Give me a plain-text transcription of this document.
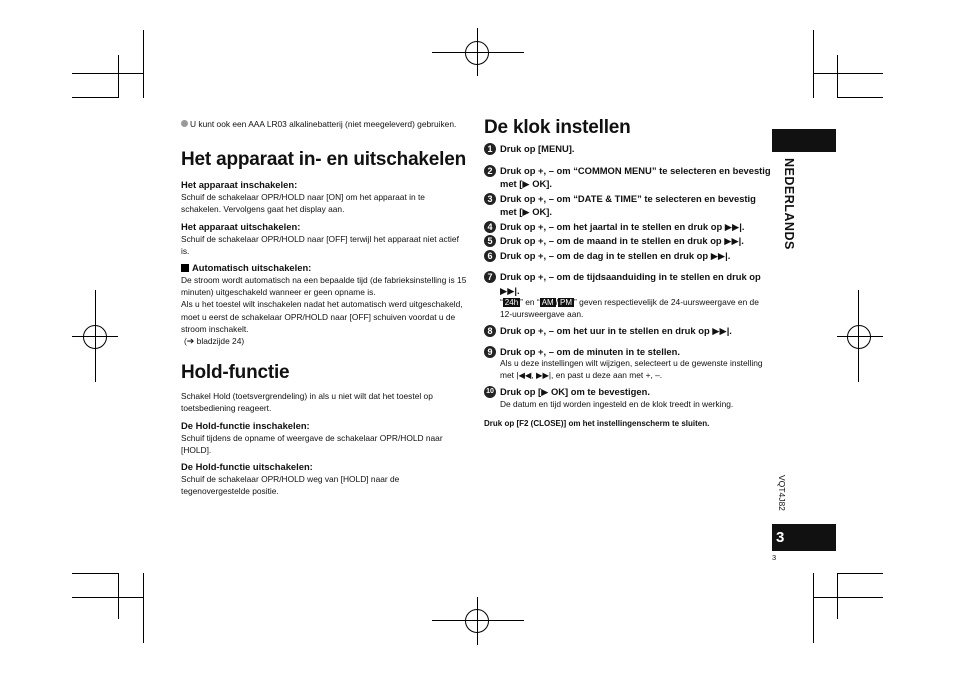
U kunt ook een AAA LR03 alkalinebatterij (niet meegeleverd) gebruiken.
Het apparaat in- en uitschakelen
Het apparaat inschakelen:

Schuif de schakelaar OPR/HOLD naar [ON] om het apparaat in te schakelen. Vervolgens gaat het display aan.

Het apparaat uitschakelen:

Schuif de schakelaar OPR/HOLD naar [OFF] terwijl het apparaat niet actief is.

Automatisch uitschakelen:

De stroom wordt automatisch na een bepaalde tijd (de fabrieksinstelling is 15 minuten) uitgeschakeld wanneer er geen opname is.

Als u het toestel wilt inschakelen nadat het automatisch werd uitgeschakeld, moet u eerst de schakelaar OPR/HOLD naar [OFF] schuiven voordat u de stroom inschakelt.

(➔ bladzijde 24)

Hold-functie

Schakel Hold (toetsvergrendeling) in als u niet wilt dat het toestel op toetsbediening reageert.

De Hold-functie inschakelen:

Schuif tijdens de opname of weergave de schakelaar OPR/HOLD naar [HOLD].

De Hold-functie uitschakelen:

Schuif de schakelaar OPR/HOLD weg van [HOLD] naar de tegenovergestelde positie.

De klok instellen
1 Druk op [MENU].
2 Druk op +, – om “COMMON MENU” te selecteren en bevestig met [▶ OK].
3 Druk op +, – om “DATE & TIME” te selecteren en bevestig met [▶ OK].
4 Druk op +, – om het jaartal in te stellen en druk op ▶▶|.
5 Druk op +, – om de maand in te stellen en druk op ▶▶|.
6 Druk op +, – om de dag in te stellen en druk op ▶▶|.
7 Druk op +, – om de tijdsaanduiding in te stellen en druk op ▶▶|.

“ 24h ” en “ AM / PM ” geven respectievelijk de 24-uursweergave en de 12-uursweergave aan.

8 Druk op +, – om het uur in te stellen en druk op ▶▶|.
9 Druk op +, – om de minuten in te stellen.

Als u deze instellingen wilt wijzigen, selecteert u de gewenste instelling met |◀◀, ▶▶|, en past u deze aan met +, –.

10 Druk op [▶ OK] om te bevestigen.

De datum en tijd worden ingesteld en de klok treedt in werking.

Druk op [F2 (CLOSE)] om het instellingenscherm te sluiten.

NEDERLANDS
VQT4J82
3
3
